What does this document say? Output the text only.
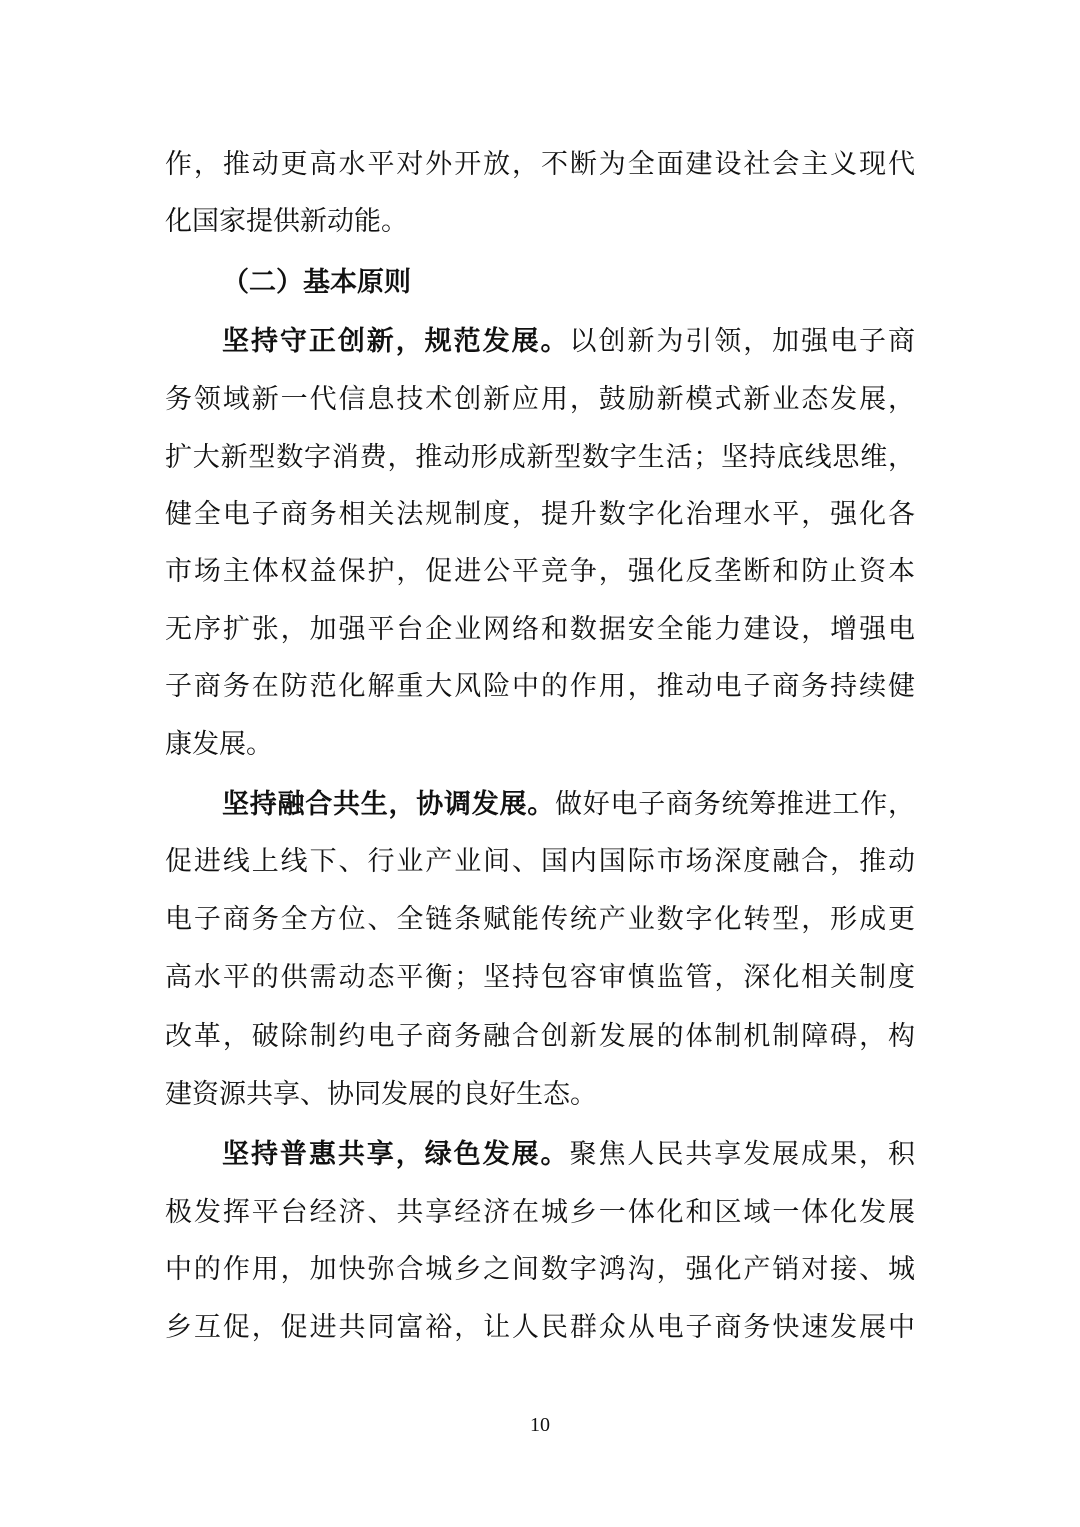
作，推动更高水平对外开放，不断为全面建设社会主义现代
化国家提供新动能。
（二）基本原则
坚持守正创新，规范发展。以创新为引领，加强电子商
务领域新一代信息技术创新应用，鼓励新模式新业态发展，
扩大新型数字消费，推动形成新型数字生活；坚持底线思维，
健全电子商务相关法规制度，提升数字化治理水平，强化各
市场主体权益保护，促进公平竞争，强化反垄断和防止资本
无序扩张，加强平台企业网络和数据安全能力建设，增强电
子商务在防范化解重大风险中的作用，推动电子商务持续健
康发展。
坚持融合共生，协调发展。做好电子商务统筹推进工作，
促进线上线下、行业产业间、国内国际市场深度融合，推动
电子商务全方位、全链条赋能传统产业数字化转型，形成更
高水平的供需动态平衡；坚持包容审慎监管，深化相关制度
改革，破除制约电子商务融合创新发展的体制机制障碍，构
建资源共享、协同发展的良好生态。
坚持普惠共享，绿色发展。聚焦人民共享发展成果，积
极发挥平台经济、共享经济在城乡一体化和区域一体化发展
中的作用，加快弥合城乡之间数字鸿沟，强化产销对接、城
乡互促，促进共同富裕，让人民群众从电子商务快速发展中
10
